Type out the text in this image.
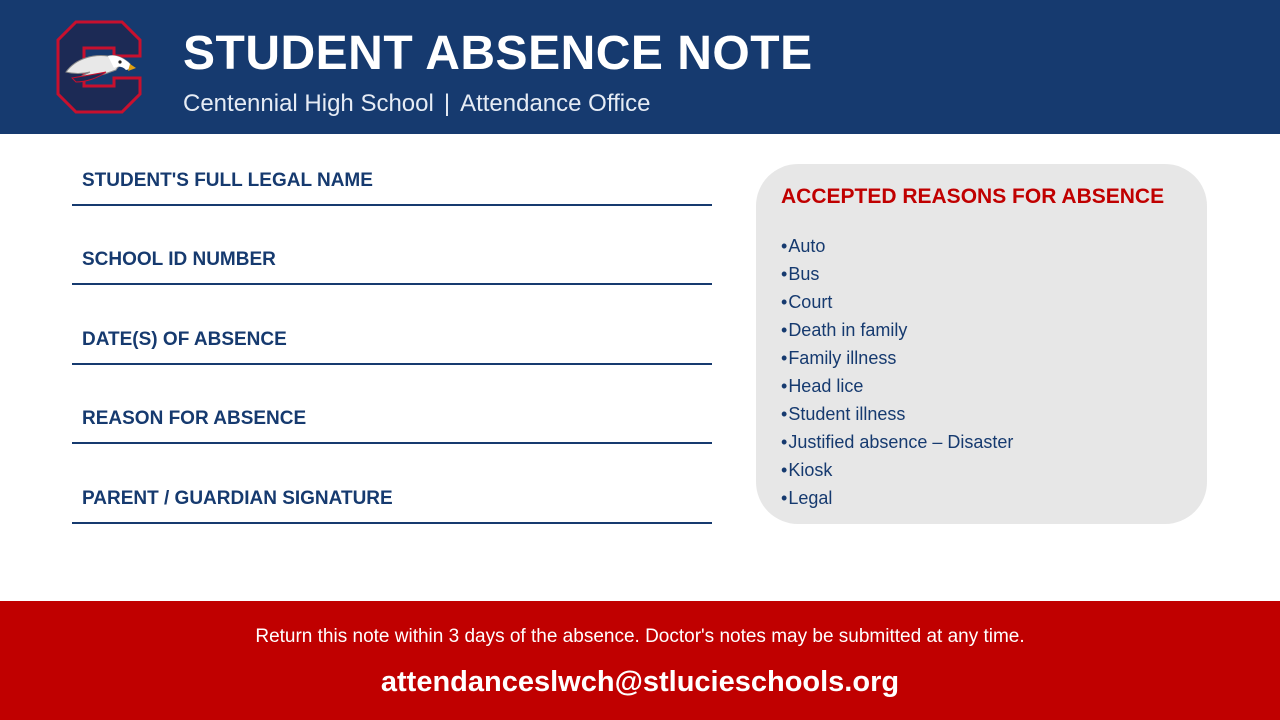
STUDENT ABSENCE NOTE
Centennial High School | Attendance Office
STUDENT'S FULL LEGAL NAME
SCHOOL ID NUMBER
DATE(S) OF ABSENCE
REASON FOR ABSENCE
PARENT / GUARDIAN SIGNATURE
ACCEPTED REASONS FOR ABSENCE
• Auto
• Bus
• Court
• Death in family
• Family illness
• Head lice
• Student illness
• Justified absence – Disaster
• Kiosk
• Legal
Return this note within 3 days of the absence. Doctor's notes may be submitted at any time.
attendanceslwch@stlucieschools.org
